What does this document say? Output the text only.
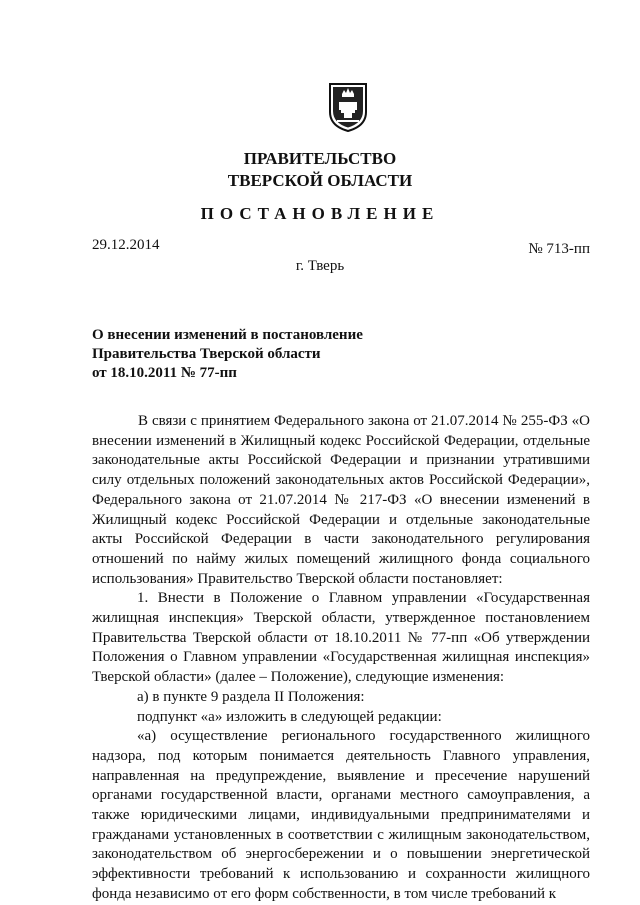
ПРАВИТЕЛЬСТВО
ТВЕРСКОЙ ОБЛАСТИ
ПОСТАНОВЛЕНИЕ
29.12.2014	№ 713-пп
г. Тверь
О внесении изменений в постановление
Правительства Тверской области
от 18.10.2011 № 77-пп

В связи с принятием Федерального закона от 21.07.2014 № 255-ФЗ «О внесении изменений в Жилищный кодекс Российской Федерации, отдельные законодательные акты Российской Федерации и признании утратившими силу отдельных положений законодательных актов Российской Федерации», Федерального закона от 21.07.2014 № 217-ФЗ «О внесении изменений в Жилищный кодекс Российской Федерации и отдельные законодательные акты Российской Федерации в части законодательного регулирования отношений по найму жилых помещений жилищного фонда социального использования» Правительство Тверской области постановляет:

1. Внести в Положение о Главном управлении «Государственная жилищная инспекция» Тверской области, утвержденное постановлением Правительства Тверской области от 18.10.2011 № 77-пп «Об утверждении Положения о Главном управлении «Государственная жилищная инспекция» Тверской области» (далее – Положение), следующие изменения:

а) в пункте 9 раздела II Положения:

подпункт «а» изложить в следующей редакции:

«а) осуществление регионального государственного жилищного надзора, под которым понимается деятельность Главного управления, направленная на предупреждение, выявление и пресечение нарушений органами государственной власти, органами местного самоуправления, а также юридическими лицами, индивидуальными предпринимателями и гражданами установленных в соответствии с жилищным законодательством, законодательством об энергосбережении и о повышении энергетической эффективности требований к использованию и сохранности жилищного фонда независимо от его форм собственности, в том числе требований к
